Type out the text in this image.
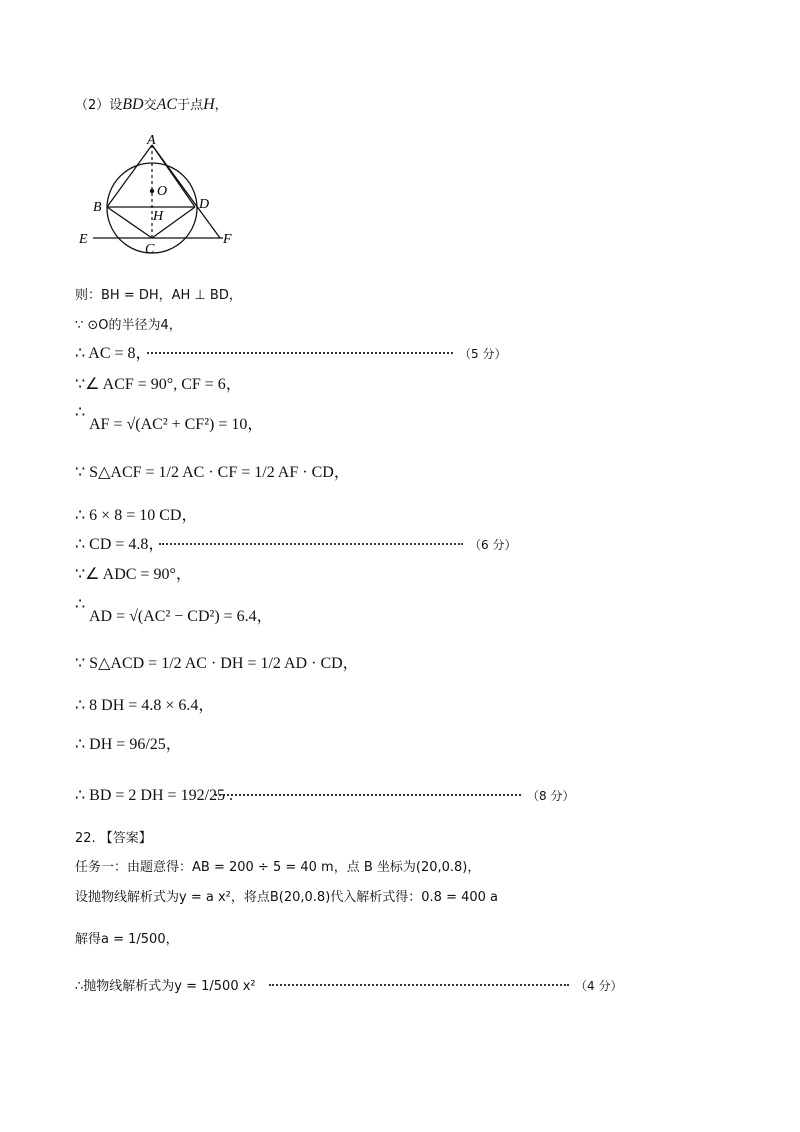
（2）设BD交AC于点H，
A
O
B	D
H
E
C
F
则：BH = DH，AH ⊥ BD，
∵ ⊙O的半径为4，
∴ AC = 8，	（5 分）
∵∠ ACF = 90°, CF = 6，
∴
AF = √(AC² + CF²) = 10，
∵ S△ACF = 1/2 AC · CF = 1/2 AF · CD，
∴ 6 × 8 = 10 CD，
∴ CD = 4.8，	（6 分）
∵∠ ADC = 90°，
∴
AD = √(AC² − CD²) = 6.4，
∵ S△ACD = 1/2 AC · DH = 1/2 AD · CD，
∴ 8 DH = 4.8 × 6.4，
∴ DH = 96/25，
∴ BD = 2 DH = 192/25 .	（8 分）
22. 【答案】
任务一：由题意得：AB = 200 ÷ 5 = 40 m，点 B 坐标为(20,0.8)，
设抛物线解析式为y = a x²，将点B(20,0.8)代入解析式得：0.8 = 400 a
解得a = 1/500，
∴抛物线解析式为y = 1/500 x²	（4 分）
